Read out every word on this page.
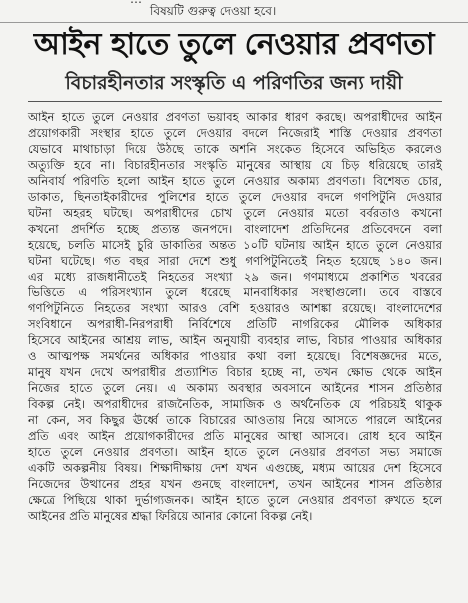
বিষয়টি গুরুত্ব দেওয়া হবে।
আইন হাতে তুলে নেওয়ার প্রবণতা
বিচারহীনতার সংস্কৃতি এ পরিণতির জন্য দায়ী
আইন হাতে তুলে নেওয়ার প্রবণতা ভয়াবহ আকার ধারণ করছে। অপরাধীদের আইন
প্রয়োগকারী সংস্থার হাতে তুলে দেওয়ার বদলে নিজেরাই শাস্তি দেওয়ার প্রবণতা
যেভাবে মাথাচাড়া দিয়ে উঠছে তাকে অশনি সংকেত হিসেবে অভিহিত করলেও
অত্যুক্তি হবে না। বিচারহীনতার সংস্কৃতি মানুষের আস্থায় যে চিড় ধরিয়েছে তারই
অনিবার্য পরিণতি হলো আইন হাতে তুলে নেওয়ার অকাম্য প্রবণতা। বিশেষত চোর,
ডাকাত, ছিনতাইকারীদের পুলিশের হাতে তুলে দেওয়ার বদলে গণপিটুনি দেওয়ার
ঘটনা অহরহ ঘটছে। অপরাধীদের চোখ তুলে নেওয়ার মতো বর্বরতাও কখনো
কখনো প্রদর্শিত হচ্ছে প্রত্যন্ত জনপদে। বাংলাদেশ প্রতিদিনের প্রতিবেদনে বলা
হয়েছে, চলতি মাসেই চুরি ডাকাতির অন্তত ১০টি ঘটনায় আইন হাতে তুলে নেওয়ার
ঘটনা ঘটেছে। গত বছর সারা দেশে শুধু গণপিটুনিতেই নিহত হয়েছে ১৪০ জন।
এর মধ্যে রাজধানীতেই নিহতের সংখ্যা ২৯ জন। গণমাধ্যমে প্রকাশিত খবরের
ভিত্তিতে এ পরিসংখ্যান তুলে ধরেছে মানবাধিকার সংস্থাগুলো। তবে বাস্তবে
গণপিটুনিতে নিহতের সংখ্যা আরও বেশি হওয়ারও আশঙ্কা রয়েছে। বাংলাদেশের
সংবিধানে অপরাধী-নিরপরাধী নির্বিশেষে প্রতিটি নাগরিকের মৌলিক অধিকার
হিসেবে আইনের আশ্রয় লাভ, আইন অনুযায়ী ব্যবহার লাভ, বিচার পাওয়ার অধিকার
ও আত্মপক্ষ সমর্থনের অধিকার পাওয়ার কথা বলা হয়েছে। বিশেষজ্ঞদের মতে,
মানুষ যখন দেখে অপরাধীর প্রত্যাশিত বিচার হচ্ছে না, তখন ক্ষোভ থেকে আইন
নিজের হাতে তুলে নেয়। এ অকাম্য অবস্থার অবসানে আইনের শাসন প্রতিষ্ঠার
বিকল্প নেই। অপরাধীদের রাজনৈতিক, সামাজিক ও অর্থনৈতিক যে পরিচয়ই থাকুক
না কেন, সব কিছুর ঊর্ধ্বে তাকে বিচারের আওতায় নিয়ে আসতে পারলে আইনের
প্রতি এবং আইন প্রয়োগকারীদের প্রতি মানুষের আস্থা আসবে। রোধ হবে আইন
হাতে তুলে নেওয়ার প্রবণতা। আইন হাতে তুলে নেওয়ার প্রবণতা সভ্য সমাজে
একটি অকল্পনীয় বিষয়। শিক্ষাদীক্ষায় দেশ যখন এগুচ্ছে, মধ্যম আয়ের দেশ হিসেবে
নিজেদের উত্থানের প্রহর যখন গুনছে বাংলাদেশ, তখন আইনের শাসন প্রতিষ্ঠার
ক্ষেত্রে পিছিয়ে থাকা দুর্ভাগ্যজনক। আইন হাতে তুলে নেওয়ার প্রবণতা রুখতে হলে
আইনের প্রতি মানুষের শ্রদ্ধা ফিরিয়ে আনার কোনো বিকল্প নেই।
